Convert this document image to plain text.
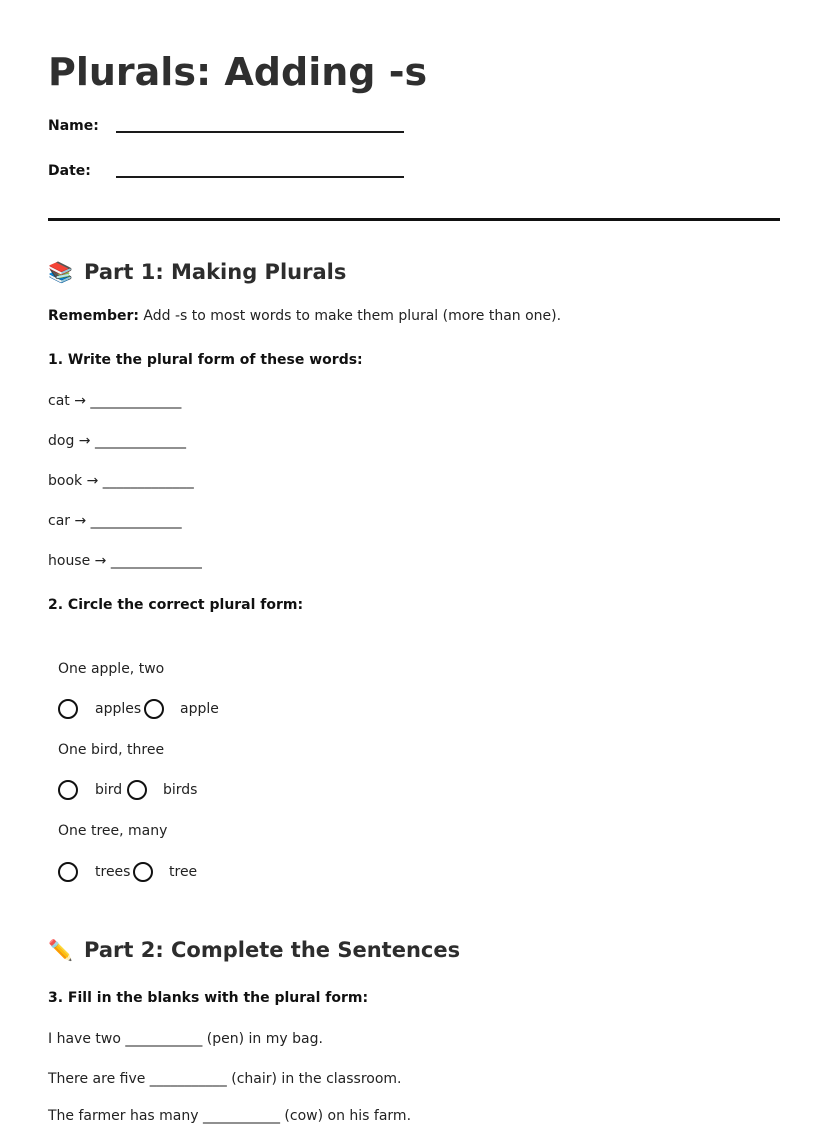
Plurals: Adding -s
Name:
Date:
📚 Part 1: Making Plurals
Remember: Add -s to most words to make them plural (more than one).
1. Write the plural form of these words:
cat → _____________
dog → _____________
book → _____________
car → _____________
house → _____________
2. Circle the correct plural form:
One apple, two
apples	apple
One bird, three
bird	birds
One tree, many
trees	tree
✏️ Part 2: Complete the Sentences
3. Fill in the blanks with the plural form:
I have two ___________ (pen) in my bag.
There are five ___________ (chair) in the classroom.
The farmer has many ___________ (cow) on his farm.
